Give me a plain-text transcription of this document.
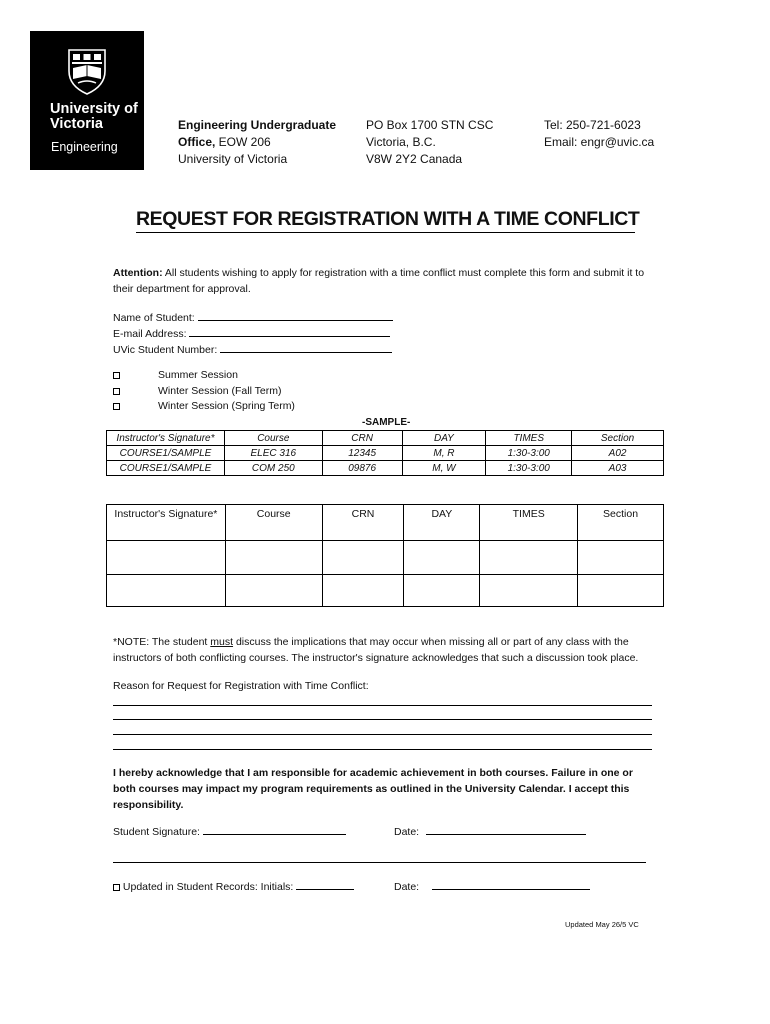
University of Victoria
Engineering
Engineering Undergraduate Office, EOW 206
University of Victoria
PO Box 1700 STN CSC
Victoria, B.C.
V8W 2Y2 Canada
Tel: 250-721-6023
Email: engr@uvic.ca
REQUEST FOR REGISTRATION WITH A TIME CONFLICT
Attention: All students wishing to apply for registration with a time conflict must complete this form and submit it to their department for approval.
Name of Student:
E-mail Address:
UVic Student Number:
Summer Session
Winter Session (Fall Term)
Winter Session (Spring Term)
-SAMPLE-
Instructor's Signature*	Course	CRN	DAY	TIMES	Section
COURSE1/SAMPLE	ELEC 316	12345	M, R	1:30-3:00	A02
COURSE1/SAMPLE	COM 250	09876	M, W	1:30-3:00	A03
Instructor's Signature*	Course	CRN	DAY	TIMES	Section

*NOTE: The student must discuss the implications that may occur when missing all or part of any class with the instructors of both conflicting courses. The instructor's signature acknowledges that such a discussion took place.
Reason for Request for Registration with Time Conflict:
I hereby acknowledge that I am responsible for academic achievement in both courses. Failure in one or both courses may impact my program requirements as outlined in the University Calendar. I accept this responsibility.
Student Signature:	Date:
Updated in Student Records: Initials:	Date:
Updated May 26/5 VC
